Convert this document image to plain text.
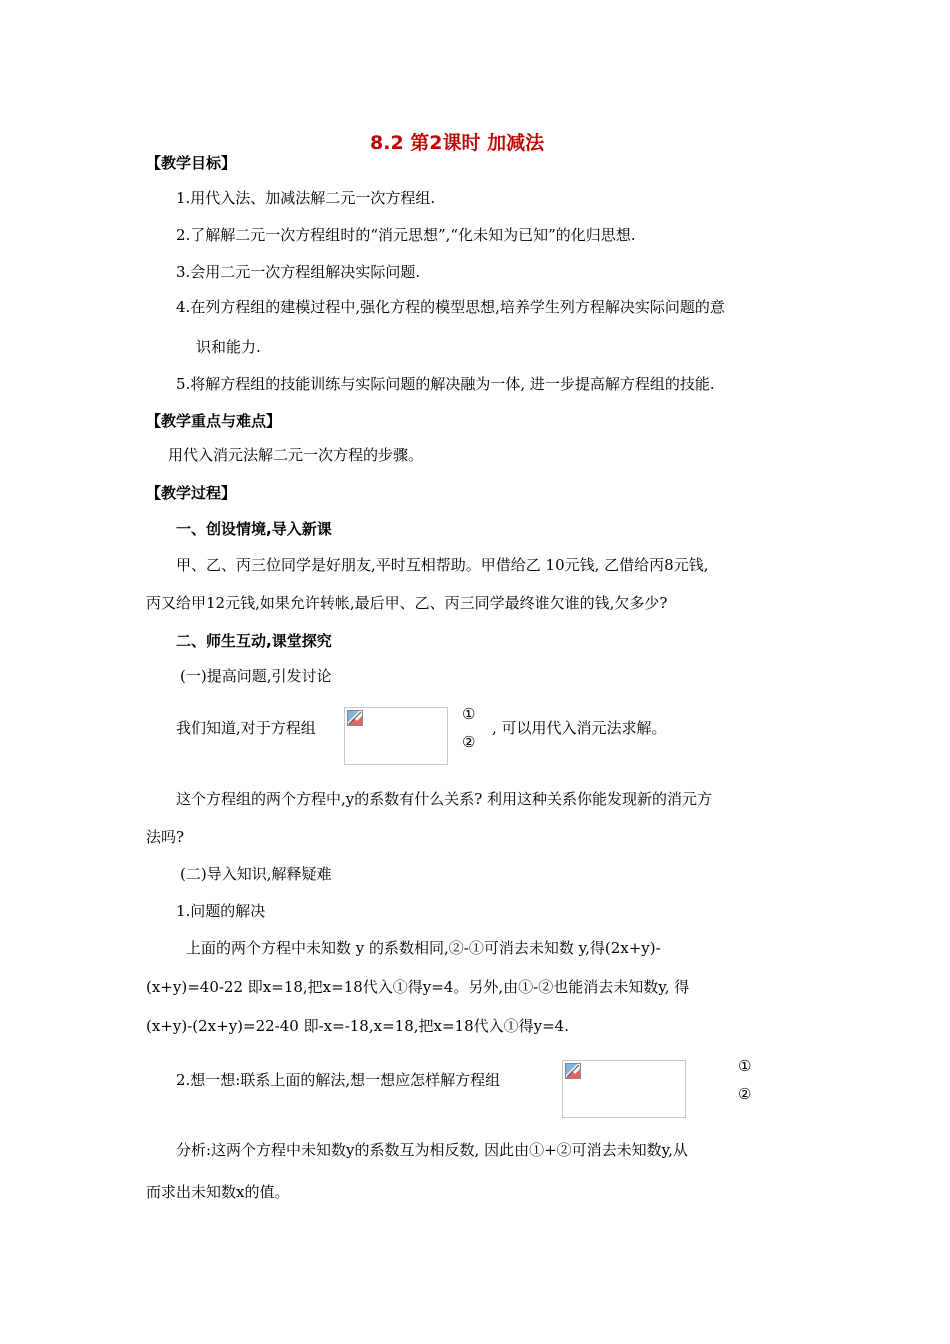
8.2 第2课时 加减法
【教学目标】
1.用代入法、加减法解二元一次方程组.
2.了解解二元一次方程组时的“消元思想”,“化未知为已知”的化归思想.
3.会用二元一次方程组解决实际问题.
4.在列方程组的建模过程中,强化方程的模型思想,培养学生列方程解决实际问题的意
识和能力.
5.将解方程组的技能训练与实际问题的解决融为一体, 进一步提高解方程组的技能.
【教学重点与难点】
用代入消元法解二元一次方程的步骤。
【教学过程】
一、创设情境,导入新课
甲、乙、丙三位同学是好朋友,平时互相帮助。甲借给乙 10元钱, 乙借给丙8元钱,
丙又给甲12元钱,如果允许转帐,最后甲、乙、丙三同学最终谁欠谁的钱,欠多少?
二、师生互动,课堂探究
(一)提高问题,引发讨论
我们知道,对于方程组
①
②
, 可以用代入消元法求解。
这个方程组的两个方程中,y的系数有什么关系? 利用这种关系你能发现新的消元方
法吗?
(二)导入知识,解释疑难
1.问题的解决
上面的两个方程中未知数 y 的系数相同,②-①可消去未知数 y,得(2x+y)-
(x+y)=40-22 即x=18,把x=18代入①得y=4。另外,由①-②也能消去未知数y, 得
(x+y)-(2x+y)=22-40 即-x=-18,x=18,把x=18代入①得y=4.
2.想一想:联系上面的解法,想一想应怎样解方程组
①
②
分析:这两个方程中未知数y的系数互为相反数, 因此由①+②可消去未知数y,从
而求出未知数x的值。
